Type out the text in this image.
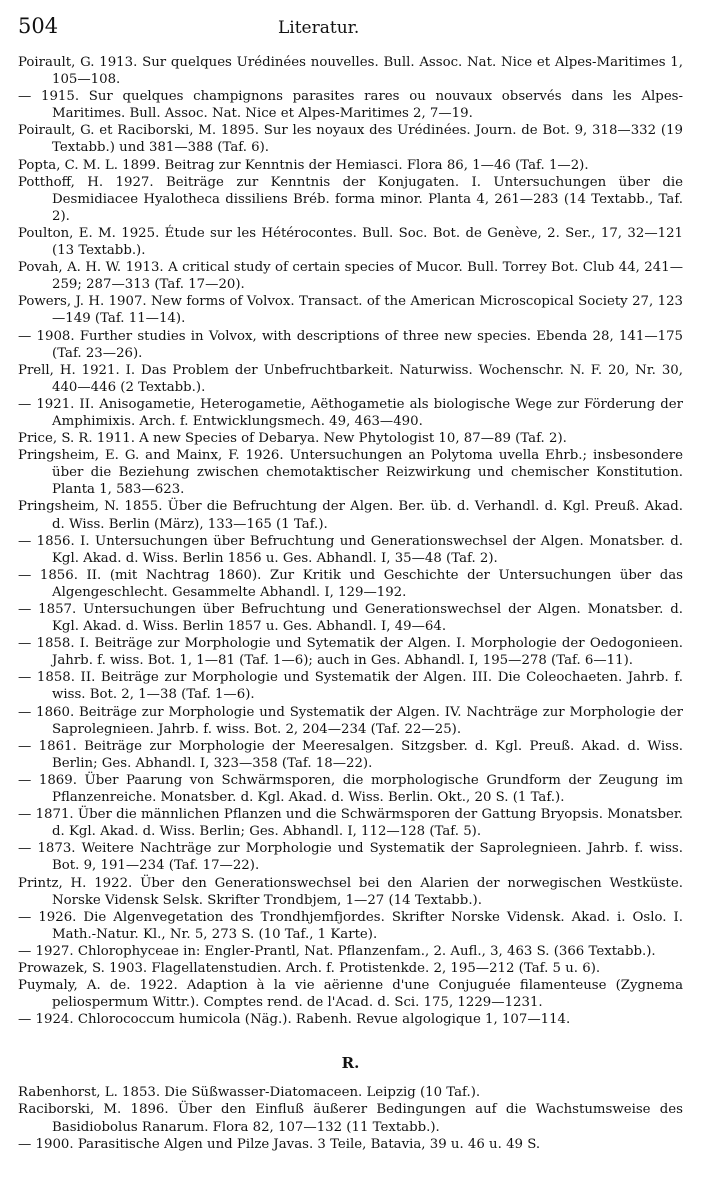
504	Literatur.

Poirault, G. 1913. Sur quelques Urédinées nouvelles. Bull. Assoc. Nat. Nice et Alpes-Maritimes 1, 105—108.

— 1915. Sur quelques champignons parasites rares ou nouvaux observés dans les Alpes-Maritimes. Bull. Assoc. Nat. Nice et Alpes-Maritimes 2, 7—19.

Poirault, G. et Raciborski, M. 1895. Sur les noyaux des Urédinées. Journ. de Bot. 9, 318—332 (19 Textabb.) und 381—388 (Taf. 6).

Popta, C. M. L. 1899. Beitrag zur Kenntnis der Hemiasci. Flora 86, 1—46 (Taf. 1—2).

Potthoff, H. 1927. Beiträge zur Kenntnis der Konjugaten. I. Untersuchungen über die Desmidiacee Hyalotheca dissiliens Bréb. forma minor. Planta 4, 261—283 (14 Textabb., Taf. 2).

Poulton, E. M. 1925. Étude sur les Hétérocontes. Bull. Soc. Bot. de Genève, 2. Ser., 17, 32—121 (13 Textabb.).

Povah, A. H. W. 1913. A critical study of certain species of Mucor. Bull. Torrey Bot. Club 44, 241—259; 287—313 (Taf. 17—20).

Powers, J. H. 1907. New forms of Volvox. Transact. of the American Microscopical Society 27, 123—149 (Taf. 11—14).

— 1908. Further studies in Volvox, with descriptions of three new species. Ebenda 28, 141—175 (Taf. 23—26).

Prell, H. 1921. I. Das Problem der Unbefruchtbarkeit. Naturwiss. Wochenschr. N. F. 20, Nr. 30, 440—446 (2 Textabb.).

— 1921. II. Anisogametie, Heterogametie, Aëthogametie als biologische Wege zur Förderung der Amphimixis. Arch. f. Entwicklungsmech. 49, 463—490.

Price, S. R. 1911. A new Species of Debarya. New Phytologist 10, 87—89 (Taf. 2).

Pringsheim, E. G. and Mainx, F. 1926. Untersuchungen an Polytoma uvella Ehrb.; insbesondere über die Beziehung zwischen chemotaktischer Reizwirkung und chemischer Konstitution. Planta 1, 583—623.

Pringsheim, N. 1855. Über die Befruchtung der Algen. Ber. üb. d. Verhandl. d. Kgl. Preuß. Akad. d. Wiss. Berlin (März), 133—165 (1 Taf.).

— 1856. I. Untersuchungen über Befruchtung und Generationswechsel der Algen. Monatsber. d. Kgl. Akad. d. Wiss. Berlin 1856 u. Ges. Abhandl. I, 35—48 (Taf. 2).

— 1856. II. (mit Nachtrag 1860). Zur Kritik und Geschichte der Untersuchungen über das Algengeschlecht. Gesammelte Abhandl. I, 129—192.

— 1857. Untersuchungen über Befruchtung und Generationswechsel der Algen. Monatsber. d. Kgl. Akad. d. Wiss. Berlin 1857 u. Ges. Abhandl. I, 49—64.

— 1858. I. Beiträge zur Morphologie und Sytematik der Algen. I. Morphologie der Oedogonieen. Jahrb. f. wiss. Bot. 1, 1—81 (Taf. 1—6); auch in Ges. Abhandl. I, 195—278 (Taf. 6—11).

— 1858. II. Beiträge zur Morphologie und Systematik der Algen. III. Die Coleochaeten. Jahrb. f. wiss. Bot. 2, 1—38 (Taf. 1—6).

— 1860. Beiträge zur Morphologie und Systematik der Algen. IV. Nachträge zur Morphologie der Saprolegnieen. Jahrb. f. wiss. Bot. 2, 204—234 (Taf. 22—25).

— 1861. Beiträge zur Morphologie der Meeresalgen. Sitzgsber. d. Kgl. Preuß. Akad. d. Wiss. Berlin; Ges. Abhandl. I, 323—358 (Taf. 18—22).

— 1869. Über Paarung von Schwärmsporen, die morphologische Grundform der Zeugung im Pflanzenreiche. Monatsber. d. Kgl. Akad. d. Wiss. Berlin. Okt., 20 S. (1 Taf.).

— 1871. Über die männlichen Pflanzen und die Schwärmsporen der Gattung Bryopsis. Monatsber. d. Kgl. Akad. d. Wiss. Berlin; Ges. Abhandl. I, 112—128 (Taf. 5).

— 1873. Weitere Nachträge zur Morphologie und Systematik der Saprolegnieen. Jahrb. f. wiss. Bot. 9, 191—234 (Taf. 17—22).

Printz, H. 1922. Über den Generationswechsel bei den Alarien der norwegischen Westküste. Norske Vidensk Selsk. Skrifter Trondbjem, 1—27 (14 Textabb.).

— 1926. Die Algenvegetation des Trondhjemfjordes. Skrifter Norske Vidensk. Akad. i. Oslo. I. Math.-Natur. Kl., Nr. 5, 273 S. (10 Taf., 1 Karte).

— 1927. Chlorophyceae in: Engler-Prantl, Nat. Pflanzenfam., 2. Aufl., 3, 463 S. (366 Textabb.).

Prowazek, S. 1903. Flagellatenstudien. Arch. f. Protistenkde. 2, 195—212 (Taf. 5 u. 6).

Puymaly, A. de. 1922. Adaption à la vie aërienne d'une Conjuguée filamenteuse (Zygnema peliospermum Wittr.). Comptes rend. de l'Acad. d. Sci. 175, 1229—1231.

— 1924. Chlorococcum humicola (Näg.). Rabenh. Revue algologique 1, 107—114.

R.

Rabenhorst, L. 1853. Die Süßwasser-Diatomaceen. Leipzig (10 Taf.).

Raciborski, M. 1896. Über den Einfluß äußerer Bedingungen auf die Wachstumsweise des Basidiobolus Ranarum. Flora 82, 107—132 (11 Textabb.).

— 1900. Parasitische Algen und Pilze Javas. 3 Teile, Batavia, 39 u. 46 u. 49 S.
